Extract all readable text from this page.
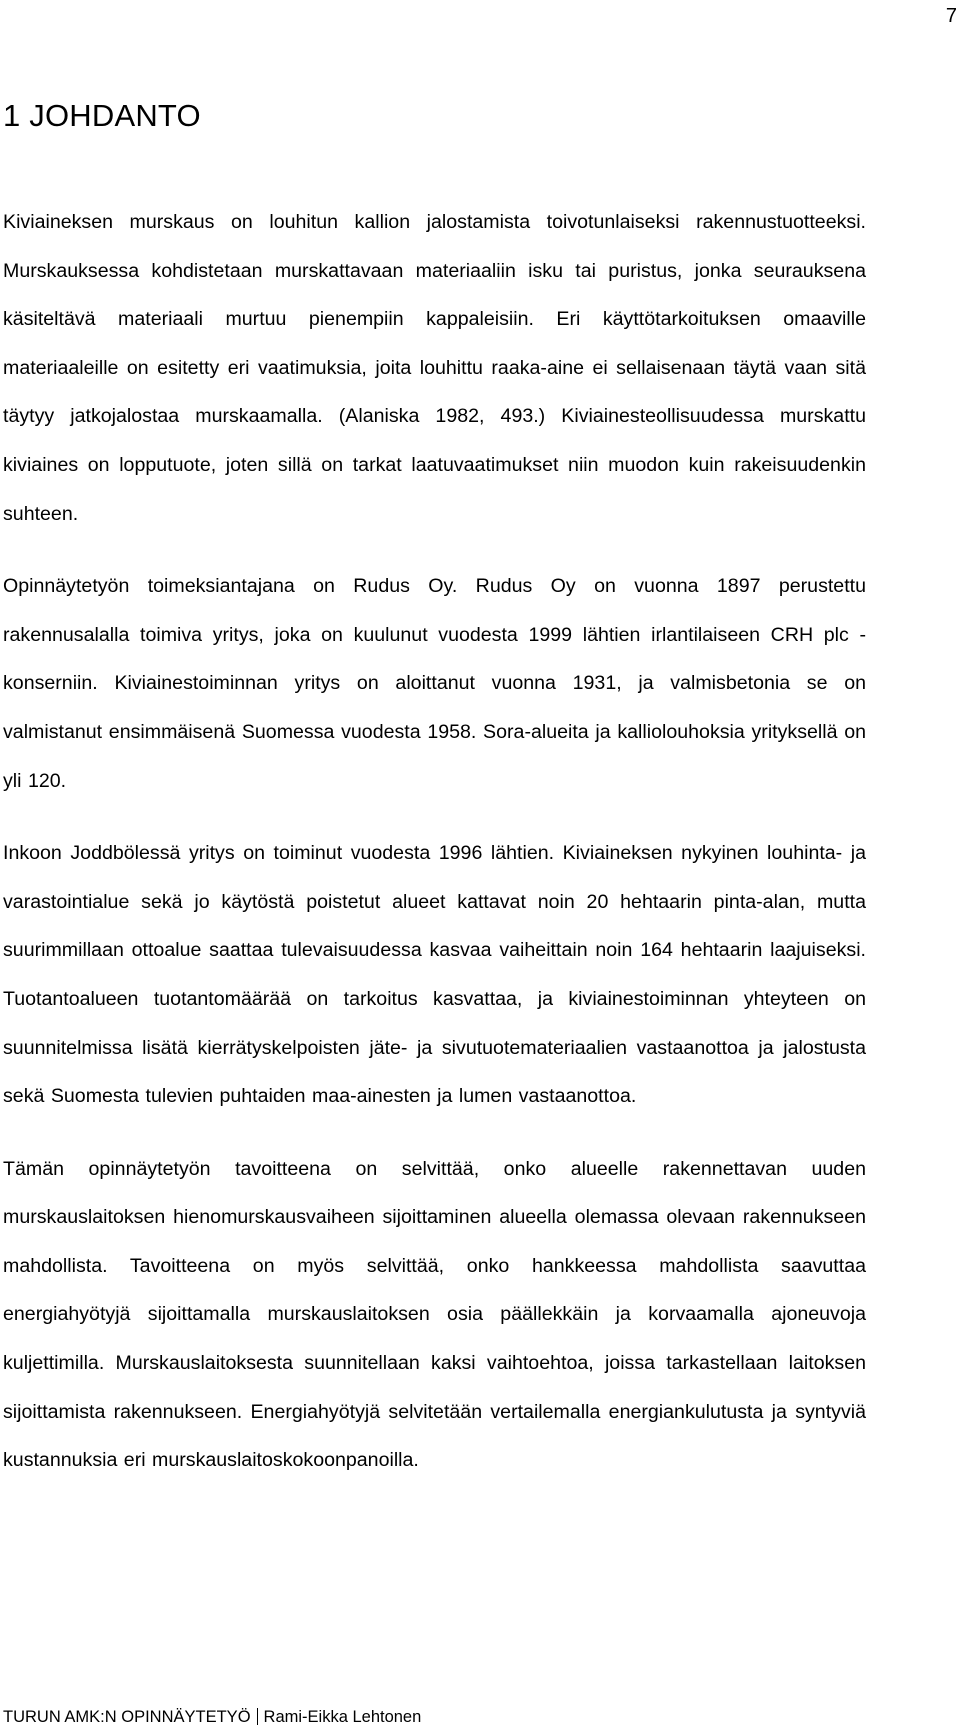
7
1 JOHDANTO

Kiviaineksen murskaus on louhitun kallion jalostamista toivotunlaiseksi rakennustuotteeksi. Murskauksessa kohdistetaan murskattavaan materiaaliin isku tai puristus, jonka seurauksena käsiteltävä materiaali murtuu pienempiin kappaleisiin. Eri käyttötarkoituksen omaaville materiaaleille on esitetty eri vaatimuksia, joita louhittu raaka-aine ei sellaisenaan täytä vaan sitä täytyy jatkojalostaa murskaamalla. (Alaniska 1982, 493.) Kiviainesteollisuudessa murskattu kiviaines on lopputuote, joten sillä on tarkat laatuvaatimukset niin muodon kuin rakeisuudenkin suhteen.

Opinnäytetyön toimeksiantajana on Rudus Oy. Rudus Oy on vuonna 1897 perustettu rakennusalalla toimiva yritys, joka on kuulunut vuodesta 1999 lähtien irlantilaiseen CRH plc -konserniin. Kiviainestoiminnan yritys on aloittanut vuonna 1931, ja valmisbetonia se on valmistanut ensimmäisenä Suomessa vuodesta 1958. Sora-alueita ja kalliolouhoksia yrityksellä on yli 120.

Inkoon Joddbölessä yritys on toiminut vuodesta 1996 lähtien. Kiviaineksen nykyinen louhinta- ja varastointialue sekä jo käytöstä poistetut alueet kattavat noin 20 hehtaarin pinta-alan, mutta suurimmillaan ottoalue saattaa tulevaisuudessa kasvaa vaiheittain noin 164 hehtaarin laajuiseksi. Tuotantoalueen tuotantomäärää on tarkoitus kasvattaa, ja kiviainestoiminnan yhteyteen on suunnitelmissa lisätä kierrätyskelpoisten jäte- ja sivutuotemateriaalien vastaanottoa ja jalostusta sekä Suomesta tulevien puhtaiden maa-ainesten ja lumen vastaanottoa.

Tämän opinnäytetyön tavoitteena on selvittää, onko alueelle rakennettavan uuden murskauslaitoksen hienomurskausvaiheen sijoittaminen alueella olemassa olevaan rakennukseen mahdollista. Tavoitteena on myös selvittää, onko hankkeessa mahdollista saavuttaa energiahyötyjä sijoittamalla murskauslaitoksen osia päällekkäin ja korvaamalla ajoneuvoja kuljettimilla. Murskauslaitoksesta suunnitellaan kaksi vaihtoehtoa, joissa tarkastellaan laitoksen sijoittamista rakennukseen. Energiahyötyjä selvitetään vertailemalla energiankulutusta ja syntyviä kustannuksia eri murskauslaitoskokoonpanoilla.

TURUN AMK:N OPINNÄYTETYÖ Rami-Eikka Lehtonen
